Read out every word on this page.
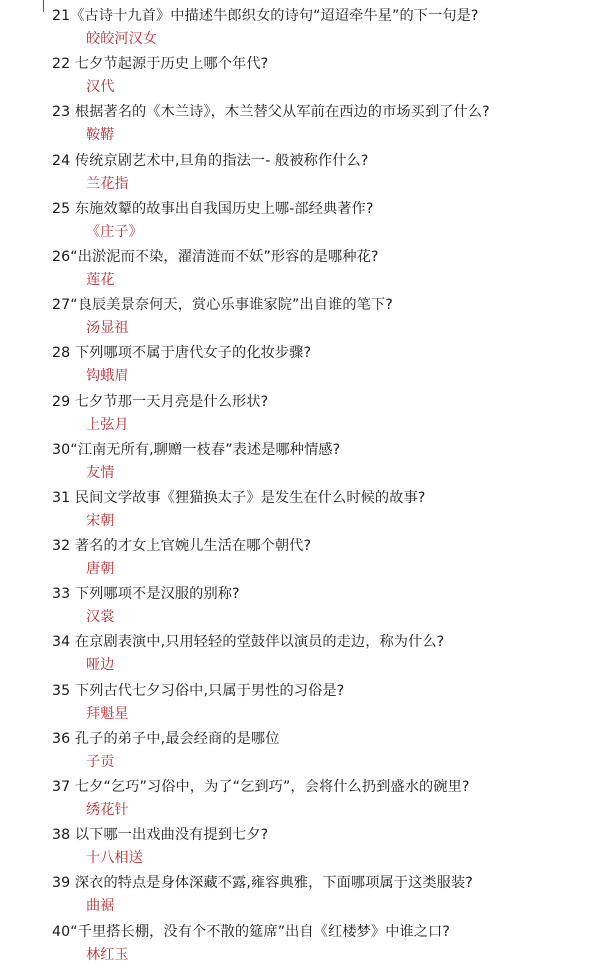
21《古诗十九首》中描述牛郎织女的诗句“迢迢牵牛星”的下一句是?
皎皎河汉女
22 七夕节起源于历史上哪个年代?
汉代
23 根据著名的《木兰诗》，木兰替父从军前在西边的市场买到了什么?
鞍鞯
24 传统京剧艺术中,旦角的指法一- 般被称作什么?
兰花指
25 东施效颦的故事出自我国历史上哪-部经典著作?
《庄子》
26“出淤泥而不染，濯清涟而不妖”形容的是哪种花?
莲花
27“良辰美景奈何天，赏心乐事谁家院”出自谁的笔下?
汤显祖
28 下列哪项不属于唐代女子的化妆步骤?
钩蛾眉
29 七夕节那一天月亮是什么形状?
上弦月
30“江南无所有,聊赠一枝春”表述是哪种情感?
友情
31 民间文学故事《狸猫换太子》是发生在什么时候的故事?
宋朝
32 著名的才女上官婉儿生活在哪个朝代?
唐朝
33 下列哪项不是汉服的别称?
汉裳
34 在京剧表演中,只用轻轻的堂鼓伴以演员的走边，称为什么?
哑边
35 下列古代七夕习俗中,只属于男性的习俗是?
拜魁星
36 孔子的弟子中,最会经商的是哪位
子贡
37 七夕“乞巧”习俗中，为了“乞到巧”，会将什么扔到盛水的碗里?
绣花针
38 以下哪一出戏曲没有提到七夕?
十八相送
39 深衣的特点是身体深藏不露,雍容典雅，下面哪项属于这类服装?
曲裾
40“千里搭长棚，没有个不散的筵席”出自《红楼梦》中谁之口?
林红玉
